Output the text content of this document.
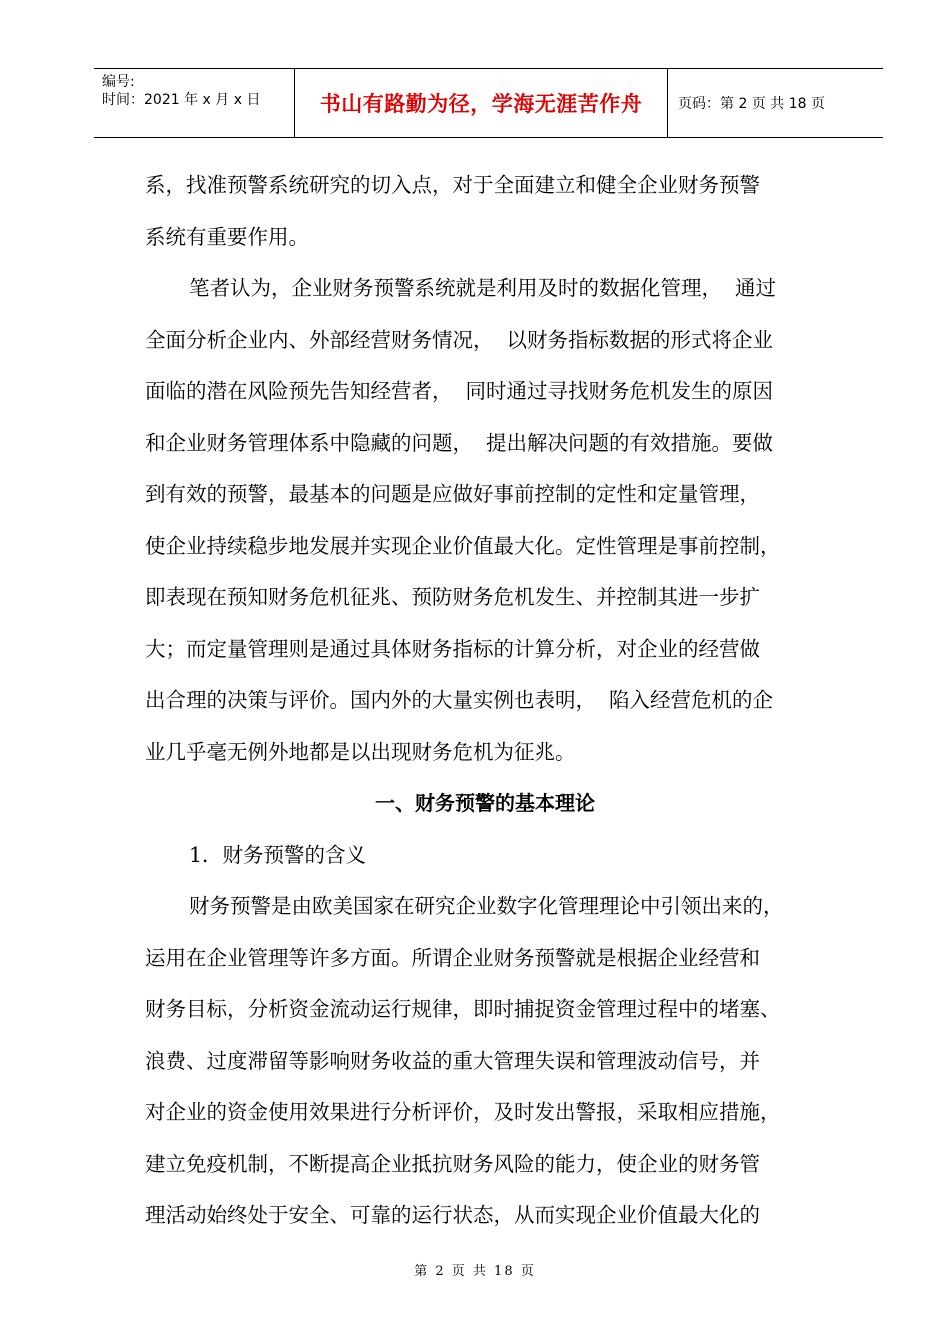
编号:
时间：2021 年 x 月 x 日	书山有路勤为径，学海无涯苦作舟	页码：第 2 页 共 18 页
系，找准预警系统研究的切入点，对于全面建立和健全企业财务预警
系统有重要作用。
笔者认为，企业财务预警系统就是利用及时的数据化管理，  通过
全面分析企业内、外部经营财务情况，  以财务指标数据的形式将企业
面临的潜在风险预先告知经营者，  同时通过寻找财务危机发生的原因
和企业财务管理体系中隐藏的问题，  提出解决问题的有效措施。要做
到有效的预警，最基本的问题是应做好事前控制的定性和定量管理，
使企业持续稳步地发展并实现企业价值最大化。定性管理是事前控制，
即表现在预知财务危机征兆、预防财务危机发生、并控制其进一步扩
大；而定量管理则是通过具体财务指标的计算分析，对企业的经营做
出合理的决策与评价。国内外的大量实例也表明，  陷入经营危机的企
业几乎毫无例外地都是以出现财务危机为征兆。
一、财务预警的基本理论
1．财务预警的含义
财务预警是由欧美国家在研究企业数字化管理理论中引领出来的，
运用在企业管理等许多方面。所谓企业财务预警就是根据企业经营和
财务目标，分析资金流动运行规律，即时捕捉资金管理过程中的堵塞、
浪费、过度滞留等影响财务收益的重大管理失误和管理波动信号，并
对企业的资金使用效果进行分析评价，及时发出警报，采取相应措施，
建立免疫机制，不断提高企业抵抗财务风险的能力，使企业的财务管
理活动始终处于安全、可靠的运行状态，从而实现企业价值最大化的
第 2 页 共 18 页
